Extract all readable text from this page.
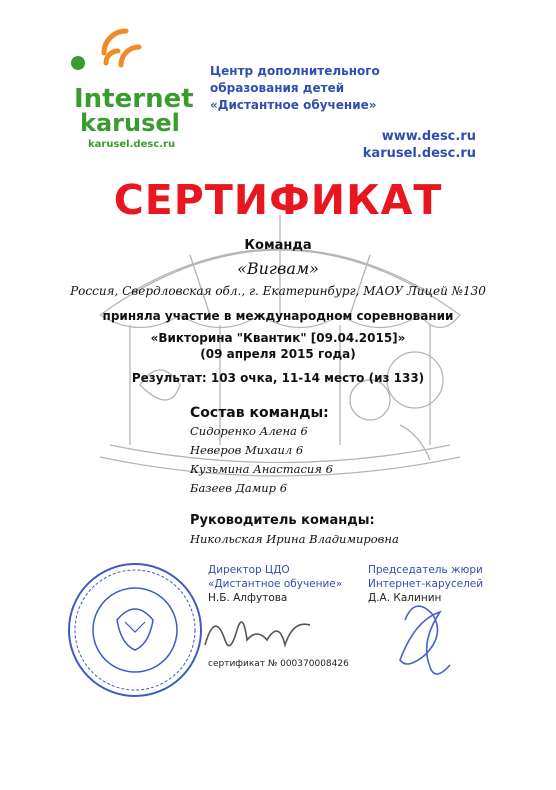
Internet
karusel
karusel.desc.ru
Центр дополнительного
образования детей
«Дистантное обучение»
www.desc.ru
karusel.desc.ru
СЕРТИФИКАТ
Команда
«Вигвам»
Россия, Свердловская обл., г. Екатеринбург, МАОУ Лицей №130
приняла участие в международном соревновании
«Викторина "Квантик" [09.04.2015]»
(09 апреля 2015 года)
Результат: 103 очка, 11-14 место (из 133)
Состав команды:
Сидоренко Алена 6
Неверов Михаил 6
Кузьмина Анастасия 6
Базеев Дамир 6
Руководитель команды:
Никольская Ирина Владимировна
Директор ЦДО
«Дистантное обучение»
Н.Б. Алфутова
Председатель жюри
Интернет-каруселей
Д.А. Калинин
сертификат № 000370008426
